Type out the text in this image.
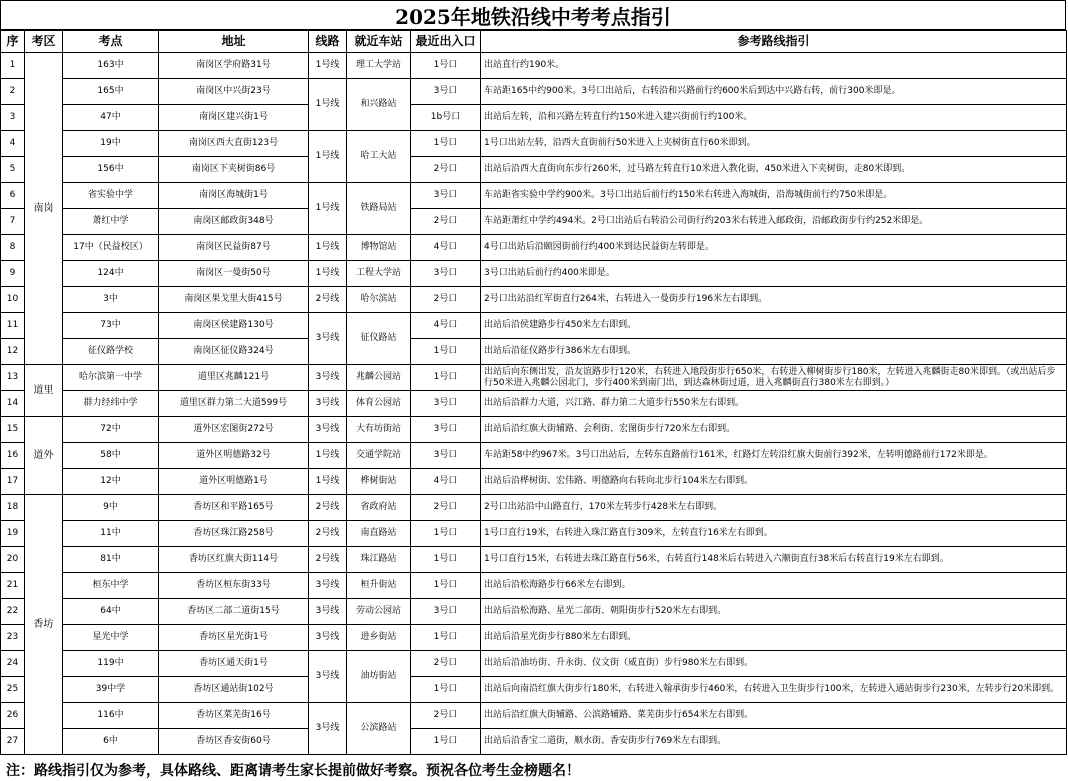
2025年地铁沿线中考考点指引
序	考区	考点	地址	线路	就近车站	最近出入口	参考路线指引
1	南岗	163中	南岗区学府路31号	1号线	理工大学站	1号口	出站直行约190米。
2		165中	南岗区中兴街23号	1号线	和兴路站	3号口	车站距165中约900米。3号口出站后，右转沿和兴路前行约600米后到达中兴路右转，前行300米即是。
3		47中	南岗区建兴街1号			1b号口	出站后左转，沿和兴路左转直行约150米进入建兴街前行约100米。
4		19中	南岗区西大直街123号	1号线	哈工大站	1号口	1号口出站左转，沿西大直街前行50米进入上夹树街直行60米即到。
5		156中	南岗区下夹树街86号			2号口	出站后沿西大直街向东步行260米，过马路左转直行10米进入教化街，450米进入下夹树街，走80米即到。
6		省实验中学	南岗区海城街1号	1号线	铁路局站	3号口	车站距省实验中学约900米。3号口出站后前行约150米右转进入海城街，沿海城街前行约750米即是。
7		萧红中学	南岗区邮政街348号			2号口	车站距萧红中学约494米。2号口出站后右转沿公司街行约203米右转进入邮政街，沿邮政街步行约252米即是。
8		17中（民益校区）	南岗区民益街87号	1号线	博物馆站	4号口	4号口出站后沿颐园街前行约400米到达民益街左转即是。
9		124中	南岗区一曼街50号	1号线	工程大学站	3号口	3号口出站后前行约400米即是。
10		3中	南岗区果戈里大街415号	2号线	哈尔滨站	2号口	2号口出站沿红军街直行264米，右转进入一曼街步行196米左右即到。
11		73中	南岗区侯建路130号	3号线	征仪路站	4号口	出站后沿侯建路步行450米左右即到。
12		征仪路学校	南岗区征仪路324号			1号口	出站后沿征仪路步行386米左右即到。
13	道里	哈尔滨第一中学	道里区兆麟121号	3号线	兆麟公园站	1号口	出站后向东侧出发，沿友谊路步行120米，右转进入地段街步行650米，右转进入柳树街步行180米，左转进入兆麟街走80米即到。（或出站后步行50米进入兆麟公园北门，步行400米到南门出，到达森林街过道，进入兆麟街直行380米左右即到。）
14		群力经纬中学	道里区群力第二大道599号	3号线	体育公园站	3号口	出站后沿群力大道，兴江路、群力第二大道步行550米左右即到。
15	道外	72中	道外区宏图街272号	3号线	大有坊街站	3号口	出站后沿红旗大街辅路、会利街、宏图街步行720米左右即到。
16		58中	道外区明德路32号	1号线	交通学院站	3号口	车站距58中约967米。3号口出站后，左转东直路前行161米，红路灯左转沿红旗大街前行392米，左转明德路前行172米即是。
17		12中	道外区明德路1号	1号线	桦树街站	4号口	出站后沿桦树街、宏伟路、明德路向右转向北步行104米左右即到。
18	香坊	9中	香坊区和平路165号	2号线	省政府站	2号口	2号口出站沿中山路直行，170米左转步行428米左右即到。
19		11中	香坊区珠江路258号	2号线	南直路站	1号口	1号口直行19米，右转进入珠江路直行309米，左转直行16米左右即到。
20		81中	香坊区红旗大街114号	2号线	珠江路站	1号口	1号口直行15米，右转进去珠江路直行56米，右转直行148米后右转进入六顺街直行38米后右转直行19米左右即到。
21		桓东中学	香坊区桓东街33号	3号线	桓升街站	1号口	出站后沿松海路步行66米左右即到。
22		64中	香坊区二部二道街15号	3号线	劳动公园站	3号口	出站后沿松海路、星光二部街、朝阳街步行520米左右即到。
23		星光中学	香坊区星光街1号	3号线	进乡街站	1号口	出站后沿星光街步行880米左右即到。
24		119中	香坊区通天街1号	3号线	油坊街站	2号口	出站后沿油坊街、升永街、仪文街（威直街）步行980米左右即到。
25		39中学	香坊区通站街102号			1号口	出站后向南沿红旗大街步行180米，右转进入翰承街步行460米，右转进入卫生街步行100米，左转进入通站街步行230米，左转步行20米即到。
26		116中	香坊区菜芜街16号	3号线	公滨路站	2号口	出站后沿红旗大街辅路、公滨路辅路、菜芜街步行654米左右即到。
27		6中	香坊区香安街60号			1号口	出站后沿香宝二道街，顺水街、香安街步行769米左右即到。
注：路线指引仅为参考，具体路线、距离请考生家长提前做好考察。预祝各位考生金榜题名！
